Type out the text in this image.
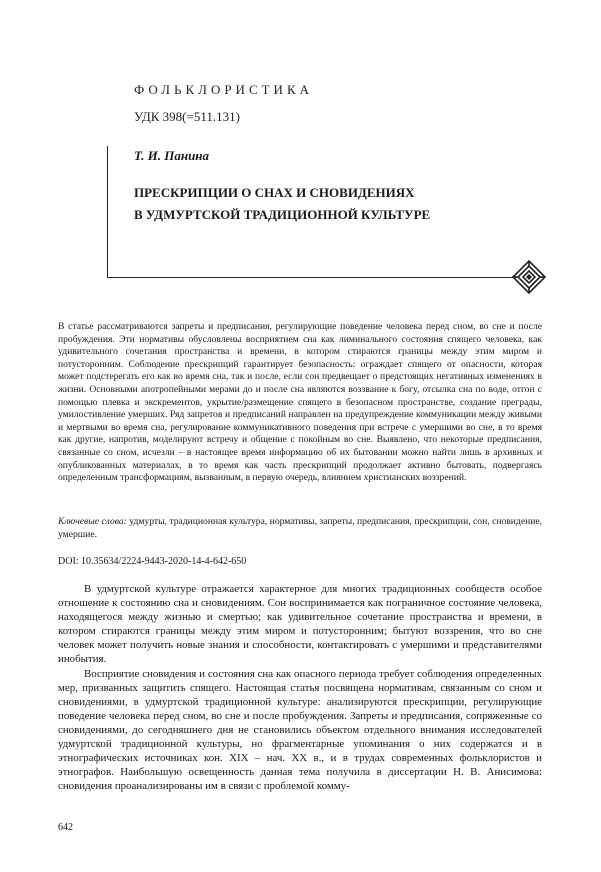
ФОЛЬКЛОРИСТИКА
УДК 398(=511.131)
Т. И. Панина
ПРЕСКРИПЦИИ О СНАХ И СНОВИДЕНИЯХ
В УДМУРТСКОЙ ТРАДИЦИОННОЙ КУЛЬТУРЕ

В статье рассматриваются запреты и предписания, регулирующие поведение человека перед сном, во сне и после пробуждения. Эти нормативы обусловлены восприятием сна как лиминального состояния спящего человека, как удивительного сочетания пространства и времени, в котором стираются границы между этим миром и потусторонним. Соблюдение прескрипций гарантирует безопасность: ограждает спящего от опасности, которая может подстерегать его как во время сна, так и после, если сон предвещает о предстоящих негативных изменениях в жизни. Основными апотропейными мерами до и после сна являются воззвание к богу, отсылка сна по воде, отгон с помощью плевка и экскрементов, укрытие/размещение спящего в безопасном пространстве, создание преграды, умилостивление умерших. Ряд запретов и предписаний направлен на предупреждение коммуникации между живыми и мертвыми во время сна, регулирование коммуникативного поведения при встрече с умершими во сне, в то время как другие, напротив, моделируют встречу и общение с покойным во сне. Выявлено, что некоторые предписания, связанные со сном, исчезли – в настоящее время информацию об их бытовании можно найти лишь в архивных и опубликованных материалах, в то время как часть прескрипций продолжает активно бытовать, подвергаясь определенным трансформациям, вызванным, в первую очередь, влиянием христианских воззрений.

Ключевые слова: удмурты, традиционная культура, нормативы, запреты, предписания, прескрипции, сон, сновидение, умершие.

DOI: 10.35634/2224-9443-2020-14-4-642-650

В удмуртской культуре отражается характерное для многих традиционных сообществ особое отношение к состоянию сна и сновидениям. Сон воспринимается как пограничное состояние человека, находящегося между жизнью и смертью; как удивительное сочетание пространства и времени, в котором стираются границы между этим миром и потусторонним; бытуют воззрения, что во сне человек может получить новые знания и способности, контактировать с умершими и представителями инобытия.

Восприятие сновидения и состояния сна как опасного периода требует соблюдения определенных мер, призванных защитить спящего. Настоящая статья посвящена нормативам, связанным со сном и сновидениями, в удмуртской традиционной культуре: анализируются прескрипции, регулирующие поведение человека перед сном, во сне и после пробуждения. Запреты и предписания, сопряженные со сновидениями, до сегодняшнего дня не становились объектом отдельного внимания исследователей удмуртской традиционной культуры, но фрагментарные упоминания о них содержатся и в этнографических источниках кон. XIX – нач. XX в., и в трудах современных фольклористов и этнографов. Наибольшую освещенность данная тема получила в диссертации Н. В. Анисимова: сновидения проанализированы им в связи с проблемой комму-

642
